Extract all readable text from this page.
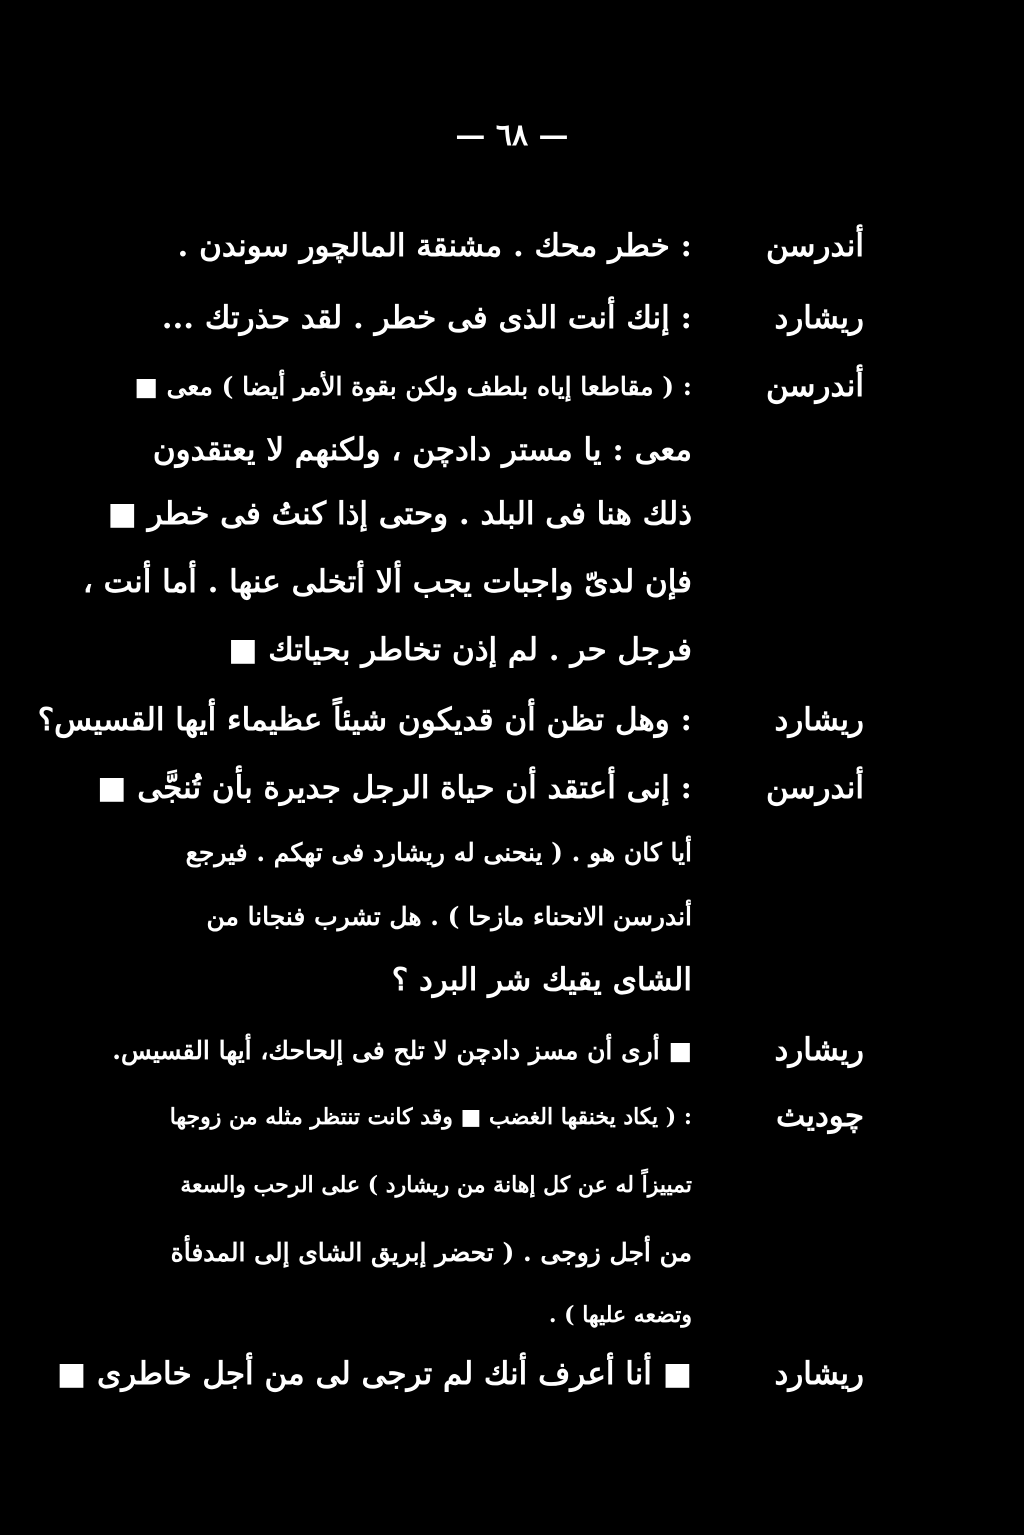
— ٦٨ —
أندرسن
: خطر محك . مشنقة المالچور سوندن .
ريشارد
: إنك أنت الذى فى خطر . لقد حذرتك ...
أندرسن
: ( مقاطعا إياه بلطف ولكن بقوة الأمر أيضا ) معى ■
معى : يا مستر دادچن ، ولكنهم لا يعتقدون
ذلك هنا فى البلد . وحتى إذا كنتُ فى خطر ■
فإن لدىّ واجبات يجب ألا أتخلى عنها . أما أنت ،
فرجل حر . لم إذن تخاطر بحياتك ■
ريشارد
: وهل تظن أن قديكون شيئاً عظيماء أيها القسيس؟
أندرسن
: إنى أعتقد أن حياة الرجل جديرة بأن تُنجَّى ■
أيا كان هو . ( ينحنى له ريشارد فى تهكم . فيرجع
أندرسن الانحناء مازحا ) . هل تشرب فنجانا من
الشاى يقيك شر البرد ؟
ريشارد
■ أرى أن مسز دادچن لا تلح فى إلحاحك، أيها القسيس.
چوديث
: ( يكاد يخنقها الغضب ■ وقد كانت تنتظر مثله من زوجها
تمييزاً له عن كل إهانة من ريشارد ) على الرحب والسعة
من أجل زوجى . ( تحضر إبريق الشاى إلى المدفأة
وتضعه عليها ) .
ريشارد
■ أنا أعرف أنك لم ترجى لى من أجل خاطرى ■
